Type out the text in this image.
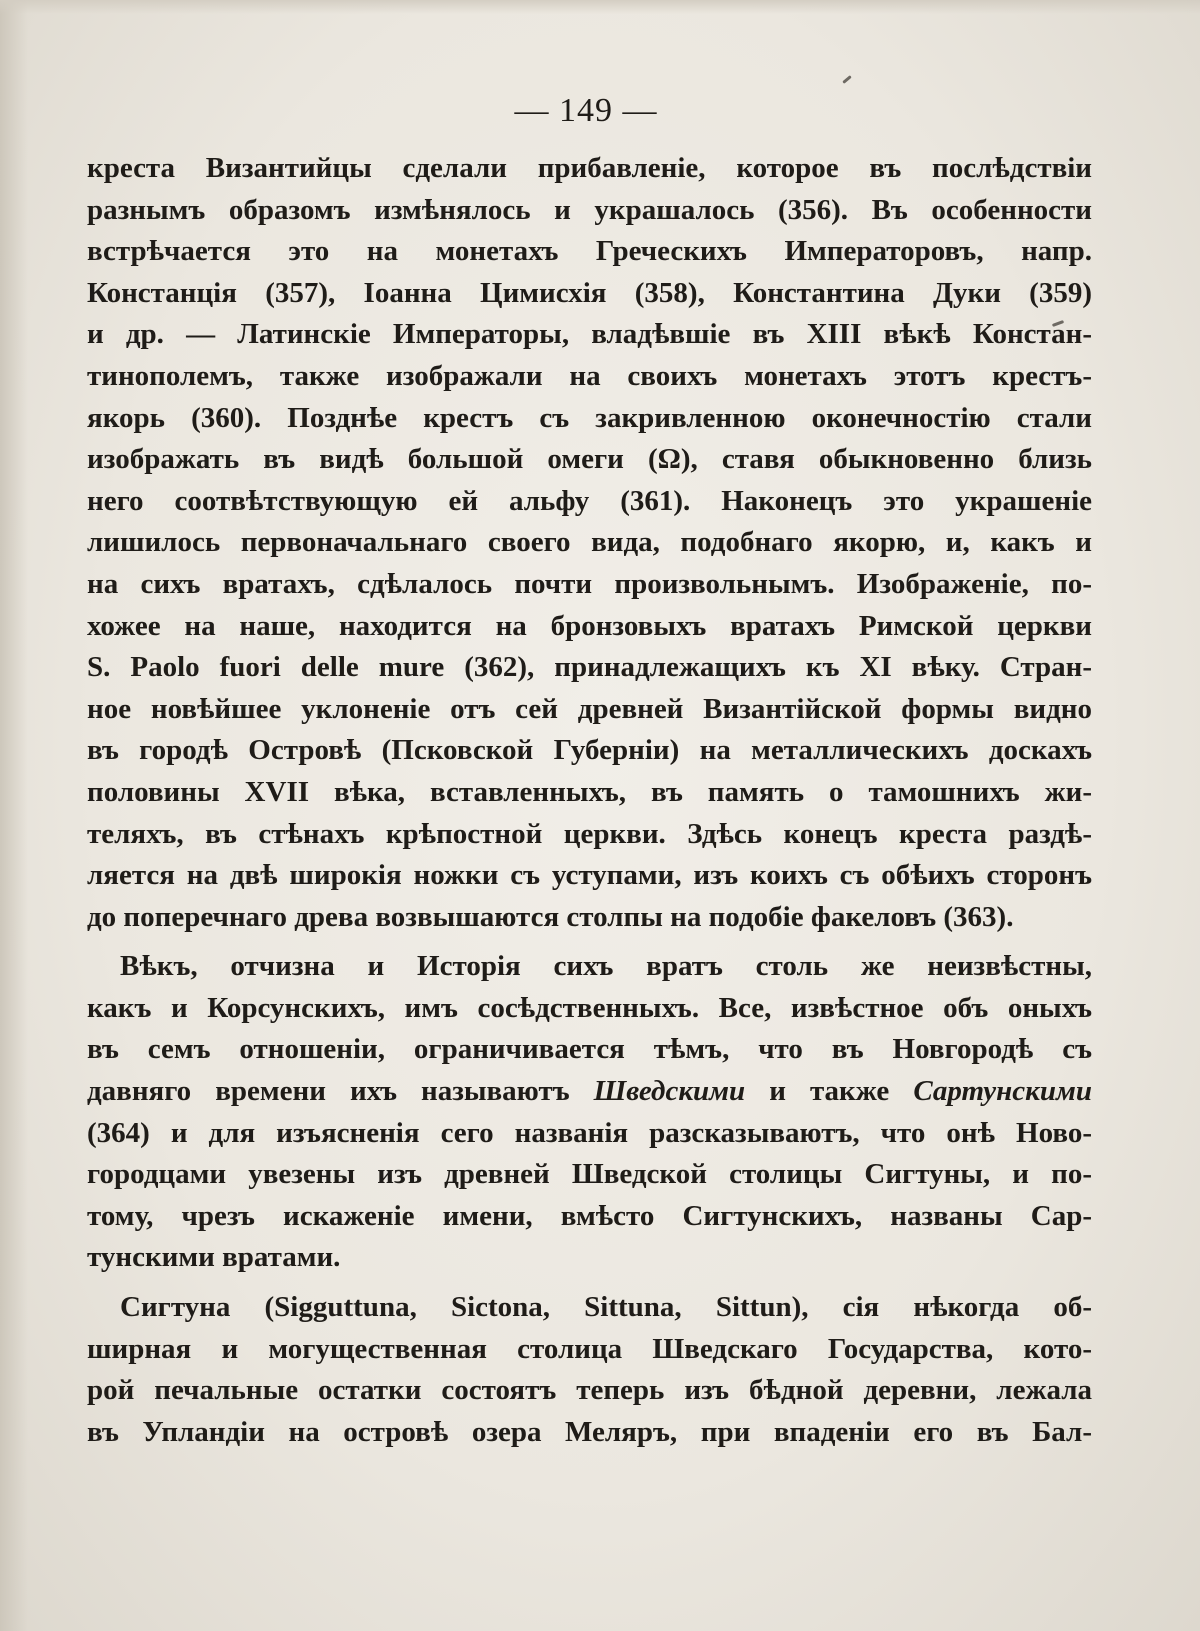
— 149 —
креста Византийцы сделали прибавленіе, которое въ послѣдствіи
разнымъ образомъ измѣнялось и украшалось (356). Въ особенности
встрѣчается это на монетахъ Греческихъ Императоровъ, напр.
Констанція (357), Іоанна Цимисхія (358), Константина Дуки (359)
и др. — Латинскіе Императоры, владѣвшіе въ XIII вѣкѣ Констан-
тинополемъ, также изображали на своихъ монетахъ этотъ крестъ-
якорь (360). Позднѣе крестъ съ закривленною оконечностію стали
изображать въ видѣ большой омеги (Ω), ставя обыкновенно близь
него соотвѣтствующую ей альфу (361). Наконецъ это украшеніе
лишилось первоначальнаго своего вида, подобнаго якорю, и, какъ и
на сихъ вратахъ, сдѣлалось почти произвольнымъ. Изображеніе, по-
хожее на наше, находится на бронзовыхъ вратахъ Римской церкви
S. Paolo fuori delle mure (362), принадлежащихъ къ XI вѣку. Стран-
ное новѣйшее уклоненіе отъ сей древней Византійской формы видно
въ городѣ Островѣ (Псковской Губерніи) на металлическихъ доскахъ
половины XVII вѣка, вставленныхъ, въ память о тамошнихъ жи-
теляхъ, въ стѣнахъ крѣпостной церкви. Здѣсь конецъ креста раздѣ-
ляется на двѣ широкія ножки съ уступами, изъ коихъ съ обѣихъ сторонъ
до поперечнаго древа возвышаются столпы на подобіе факеловъ (363).
Вѣкъ, отчизна и Исторія сихъ вратъ столь же неизвѣстны,
какъ и Корсунскихъ, имъ сосѣдственныхъ. Все, извѣстное объ оныхъ
въ семъ отношеніи, ограничивается тѣмъ, что въ Новгородѣ съ
давняго времени ихъ называютъ Шведскими и также Сартунскими
(364) и для изъясненія сего названія разсказываютъ, что онѣ Ново-
городцами увезены изъ древней Шведской столицы Сигтуны, и по-
тому, чрезъ искаженіе имени, вмѣсто Сигтунскихъ, названы Сар-
тунскими вратами.
Сигтуна (Sigguttuna, Sictona, Sittuna, Sittun), сія нѣкогда об-
ширная и могущественная столица Шведскаго Государства, кото-
рой печальные остатки состоятъ теперь изъ бѣдной деревни, лежала
въ Упландіи на островѣ озера Меляръ, при впаденіи его въ Бал-
